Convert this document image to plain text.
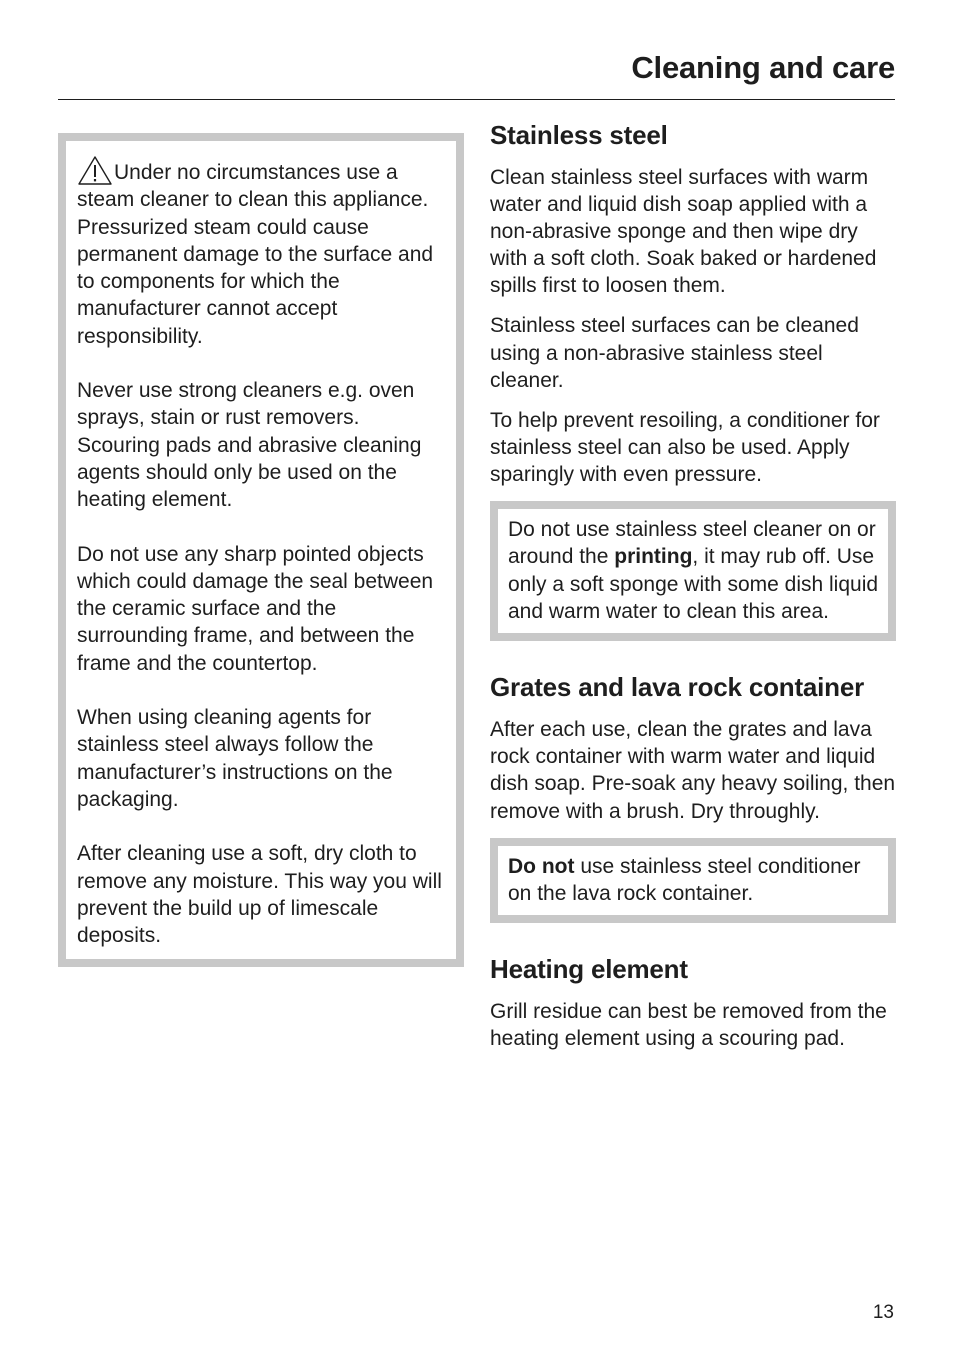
Cleaning and care

Under no circumstances use a steam cleaner to clean this appliance. Pressurized steam could cause permanent damage to the surface and to components for which the manufacturer cannot accept responsibility.

Never use strong cleaners e.g. oven sprays, stain or rust removers. Scouring pads and abrasive cleaning agents should only be used on the heating element.

Do not use any sharp pointed objects which could damage the seal between the ceramic surface and the surrounding frame, and between the frame and the countertop.

When using cleaning agents for stainless steel always follow the manufacturer’s instructions on the packaging.

After cleaning use a soft, dry cloth to remove any moisture. This way you will prevent the build up of limescale deposits.

Stainless steel

Clean stainless steel surfaces with warm water and liquid dish soap applied with a non-abrasive sponge and then wipe dry with a soft cloth. Soak baked or hardened spills first to loosen them.

Stainless steel surfaces can be cleaned using a non-abrasive stainless steel cleaner.

To help prevent resoiling, a conditioner for stainless steel can also be used. Apply sparingly with even pressure.

Do not use stainless steel cleaner on or around the printing, it may rub off. Use only a soft sponge with some dish liquid and warm water to clean this area.
Grates and lava rock container

After each use, clean the grates and lava rock container with warm water and liquid dish soap. Pre-soak any heavy soiling, then remove with a brush. Dry throughly.

Do not use stainless steel conditioner on the lava rock container.
Heating element

Grill residue can best be removed from the heating element using a scouring pad.

13
